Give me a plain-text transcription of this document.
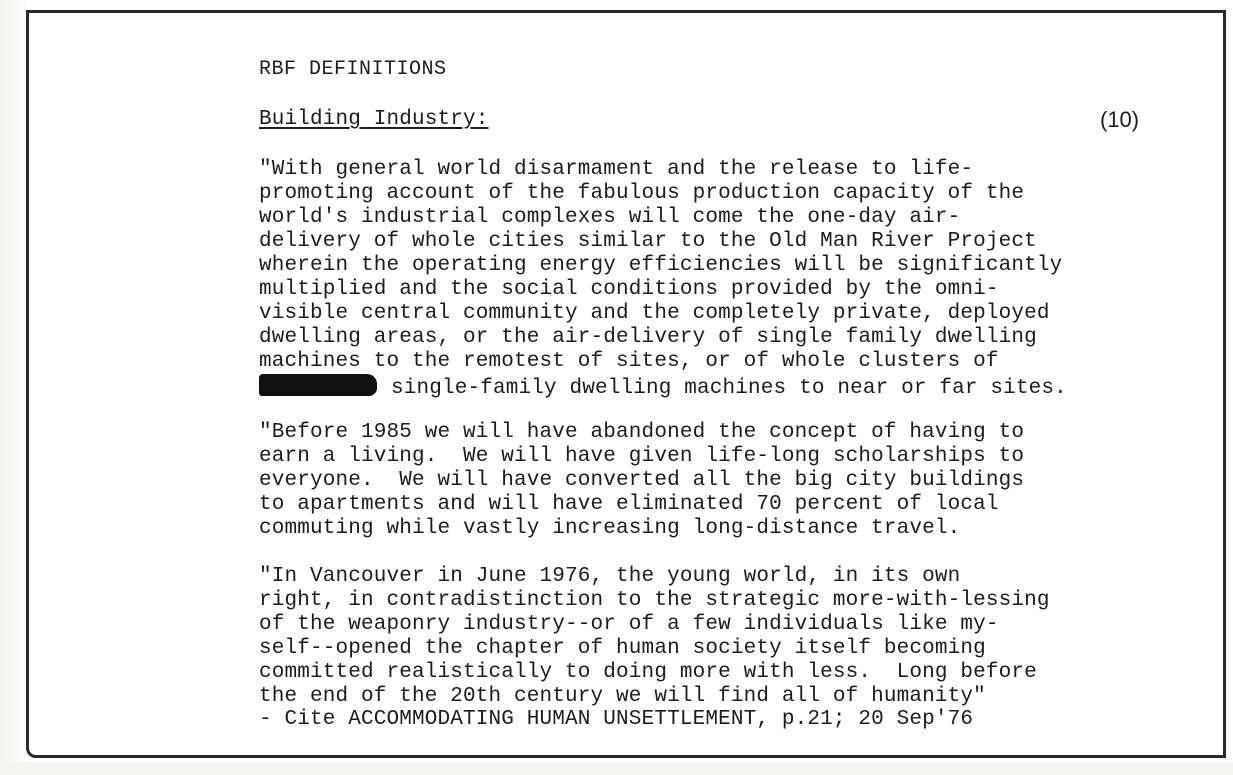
RBF DEFINITIONS
Building Industry:	(10)
"With general world disarmament and the release to life-
promoting account of the fabulous production capacity of the
world's industrial complexes will come the one-day air-
delivery of whole cities similar to the Old Man River Project
wherein the operating energy efficiencies will be significantly
multiplied and the social conditions provided by the omni-
visible central community and the completely private, deployed
dwelling areas, or the air-delivery of single family dwelling
machines to the remotest of sites, or of whole clusters of
single-family dwelling machines to near or far sites.
"Before 1985 we will have abandoned the concept of having to
earn a living.  We will have given life-long scholarships to
everyone.  We will have converted all the big city buildings
to apartments and will have eliminated 70 percent of local
commuting while vastly increasing long-distance travel.
"In Vancouver in June 1976, the young world, in its own
right, in contradistinction to the strategic more-with-lessing
of the weaponry industry--or of a few individuals like my-
self--opened the chapter of human society itself becoming
committed realistically to doing more with less.  Long before
the end of the 20th century we will find all of humanity"
- Cite ACCOMMODATING HUMAN UNSETTLEMENT, p.21; 20 Sep'76
